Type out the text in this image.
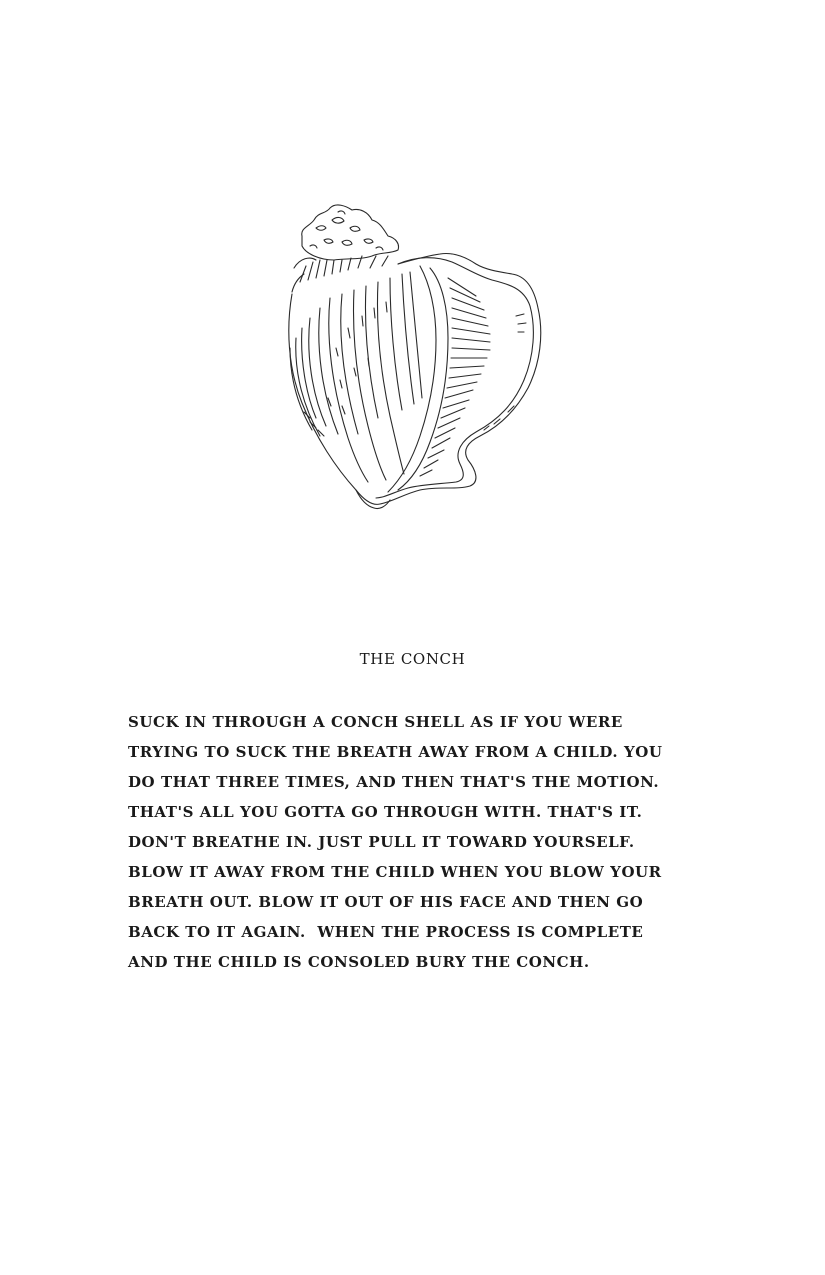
THE CONCH
SUCK IN THROUGH A CONCH SHELL AS IF YOU WERE
TRYING TO SUCK THE BREATH AWAY FROM A CHILD. YOU
DO THAT THREE TIMES, AND THEN THAT'S THE MOTION.
THAT'S ALL YOU GOTTA GO THROUGH WITH. THAT'S IT.
DON'T BREATHE IN. JUST PULL IT TOWARD YOURSELF.
BLOW IT AWAY FROM THE CHILD WHEN YOU BLOW YOUR
BREATH OUT. BLOW IT OUT OF HIS FACE AND THEN GO
BACK TO IT AGAIN.  WHEN THE PROCESS IS COMPLETE
AND THE CHILD IS CONSOLED BURY THE CONCH.
